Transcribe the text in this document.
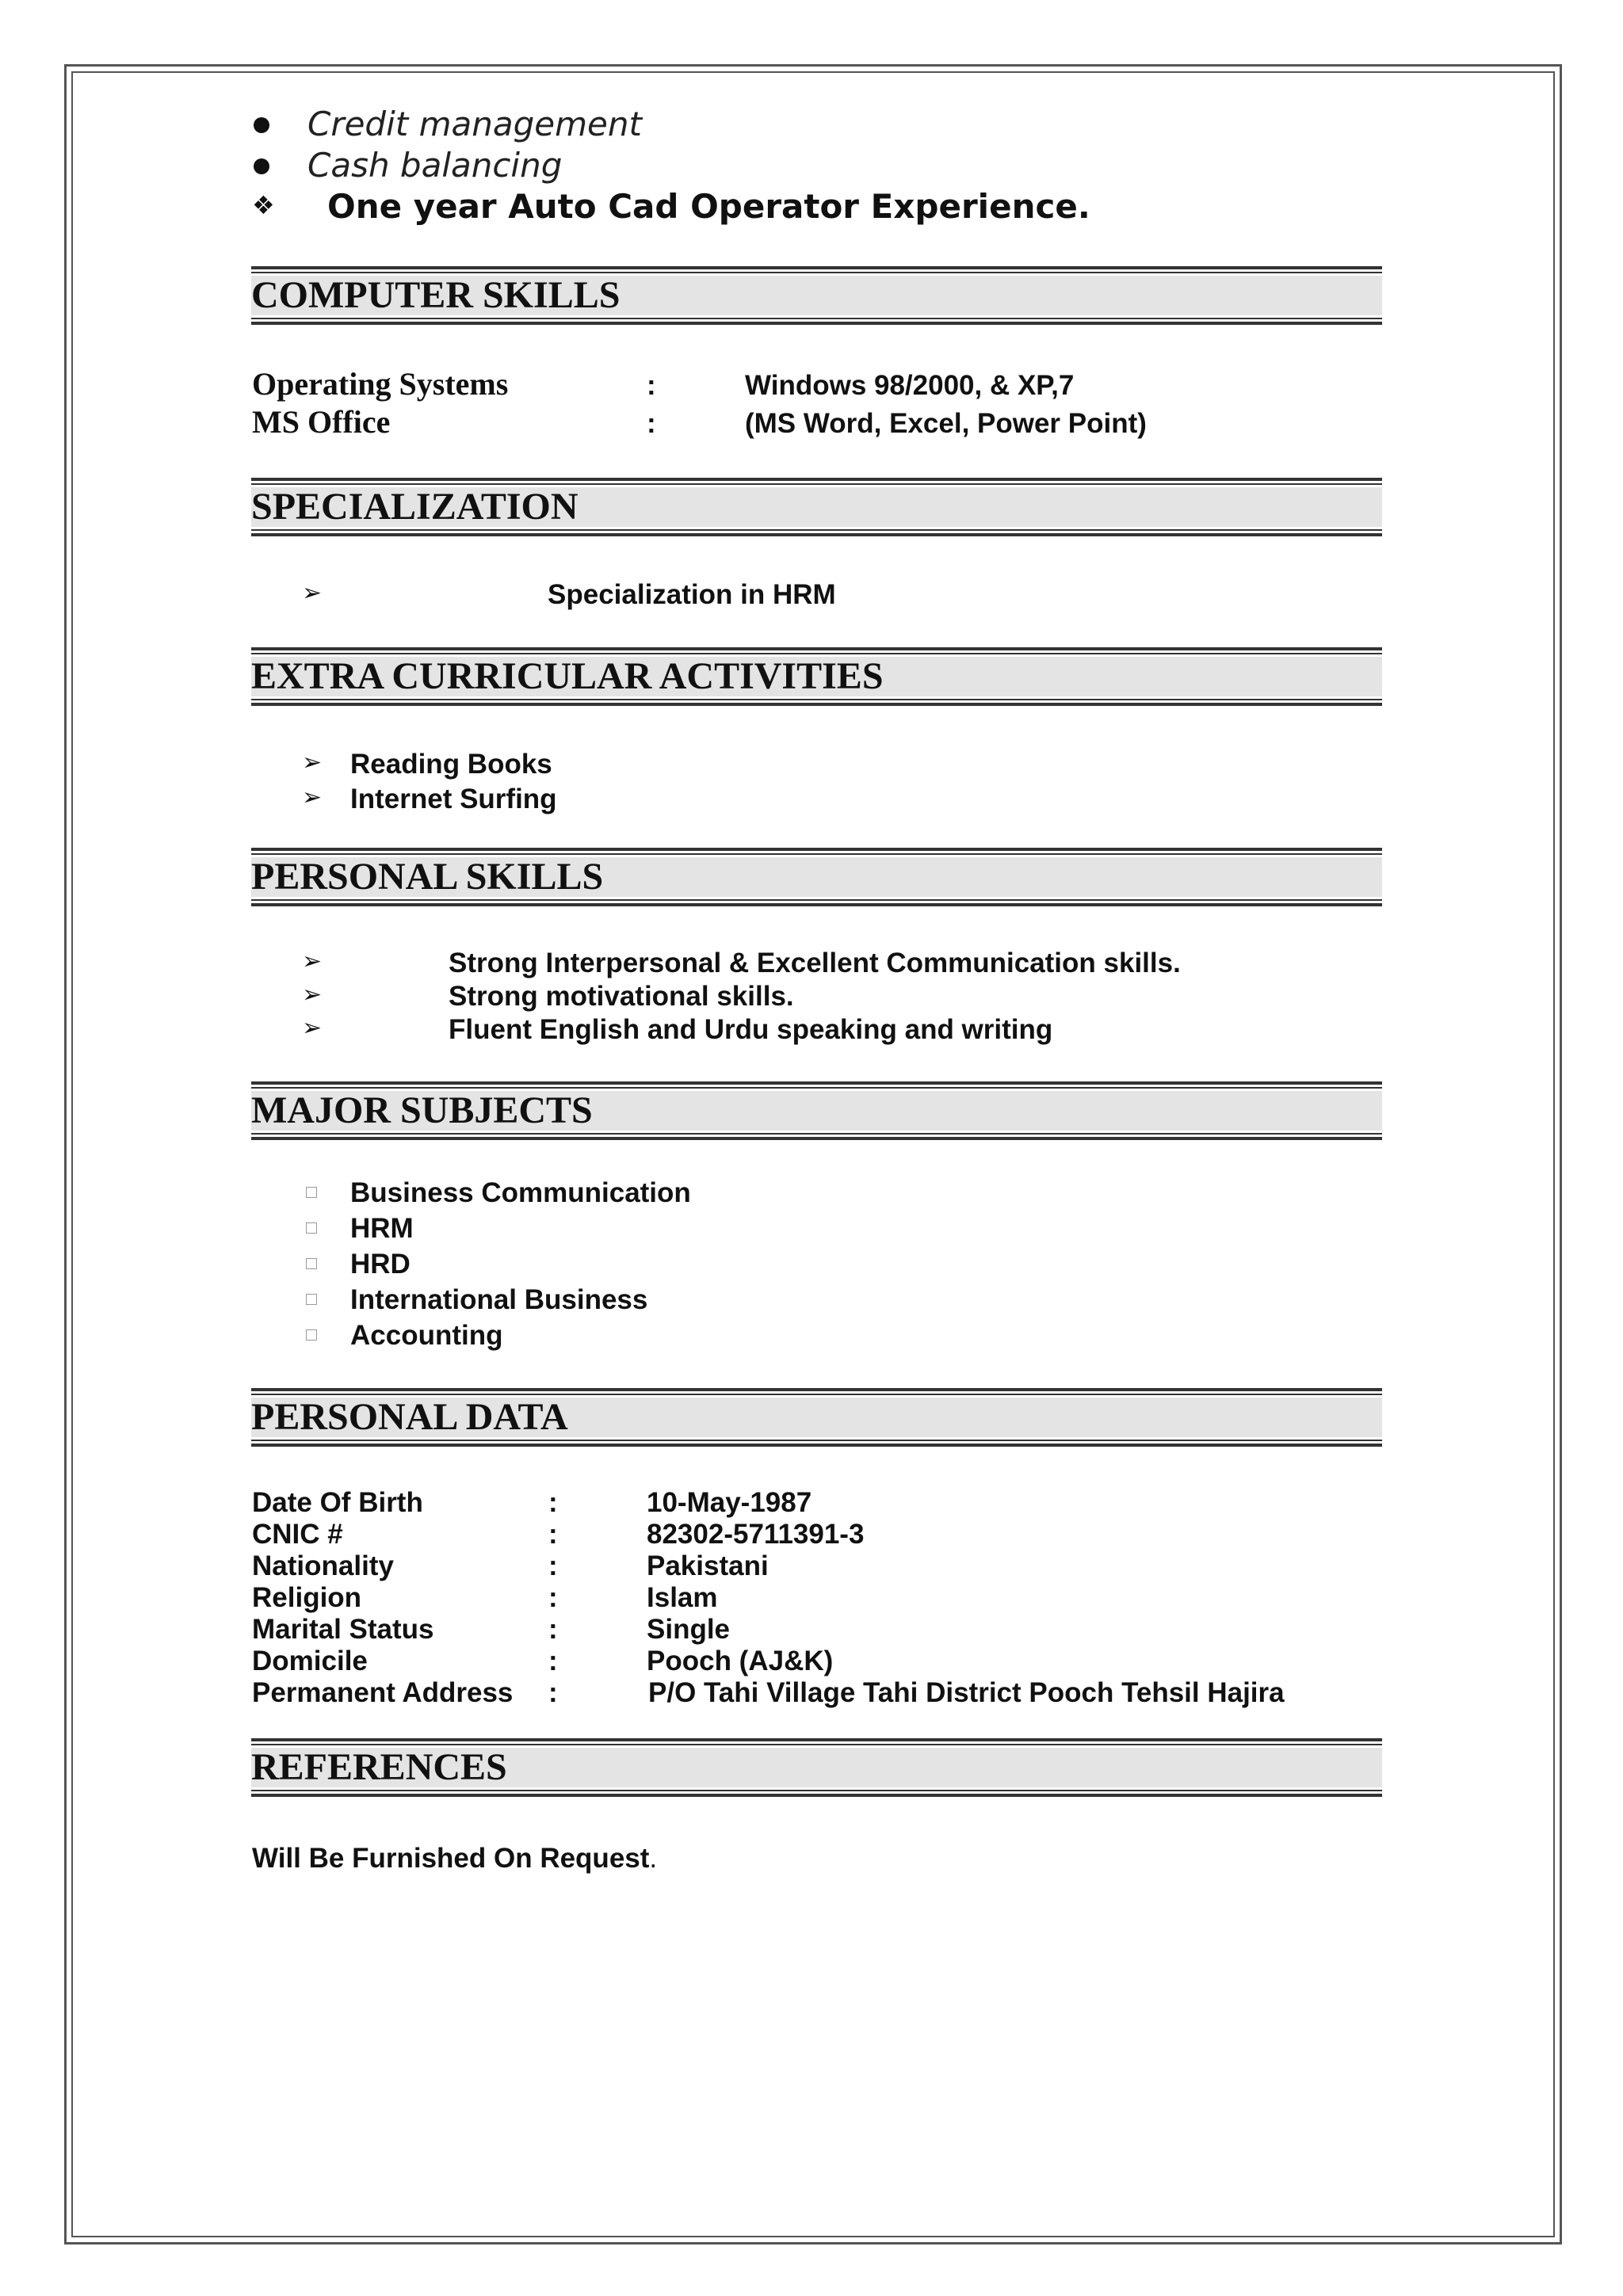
Credit management
Cash balancing
❖ One year Auto Cad Operator Experience.
COMPUTER SKILLS
Operating Systems	:	Windows 98/2000, & XP,7
MS Office	:	(MS Word, Excel, Power Point)
SPECIALIZATION
➢	Specialization in HRM
EXTRA CURRICULAR ACTIVITIES
➢ Reading Books
➢ Internet Surfing
PERSONAL SKILLS
➢	Strong Interpersonal & Excellent Communication skills.
➢	Strong motivational skills.
➢	Fluent English and Urdu speaking and writing
MAJOR SUBJECTS
Business Communication
HRM
HRD
International Business
Accounting
PERSONAL DATA
Date Of Birth	:	10-May-1987
CNIC #	:	82302-5711391-3
Nationality	:	Pakistani
Religion	:	Islam
Marital Status	:	Single
Domicile	:	Pooch (AJ&K)
Permanent Address :	P/O Tahi Village Tahi District Pooch Tehsil Hajira
REFERENCES
Will Be Furnished On Request.
